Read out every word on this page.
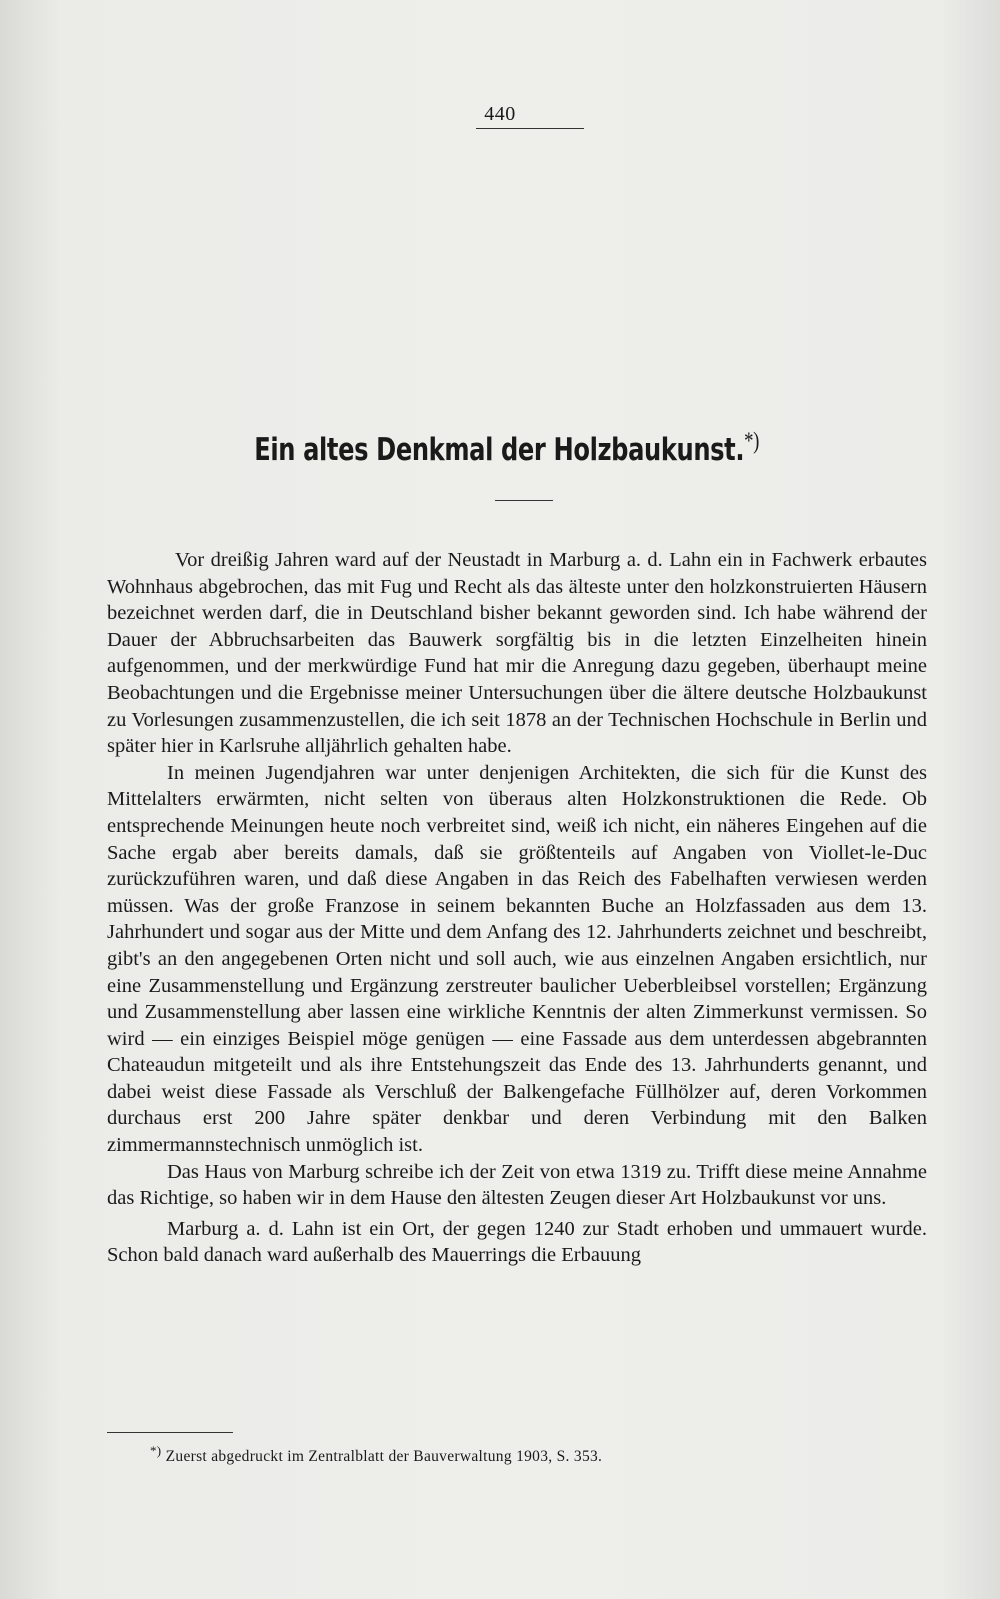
440
Ein altes Denkmal der Holzbaukunst.*)

Vor dreißig Jahren ward auf der Neustadt in Marburg a. d. Lahn ein in Fachwerk erbautes Wohnhaus abgebrochen, das mit Fug und Recht als das älteste unter den holzkonstruierten Häusern bezeichnet werden darf, die in Deutschland bisher bekannt geworden sind. Ich habe während der Dauer der Abbruchsarbeiten das Bauwerk sorgfältig bis in die letzten Einzelheiten hinein aufgenommen, und der merkwürdige Fund hat mir die Anregung dazu gegeben, überhaupt meine Beobachtungen und die Ergebnisse meiner Untersuchungen über die ältere deutsche Holzbaukunst zu Vorlesungen zusammenzustellen, die ich seit 1878 an der Technischen Hochschule in Berlin und später hier in Karlsruhe alljährlich gehalten habe.

In meinen Jugendjahren war unter denjenigen Architekten, die sich für die Kunst des Mittelalters erwärmten, nicht selten von überaus alten Holzkonstruktionen die Rede. Ob entsprechende Meinungen heute noch verbreitet sind, weiß ich nicht, ein näheres Eingehen auf die Sache ergab aber bereits damals, daß sie größtenteils auf Angaben von Viollet-le-Duc zurückzuführen waren, und daß diese Angaben in das Reich des Fabelhaften verwiesen werden müssen. Was der große Franzose in seinem bekannten Buche an Holzfassaden aus dem 13. Jahrhundert und sogar aus der Mitte und dem Anfang des 12. Jahrhunderts zeichnet und beschreibt, gibt's an den angegebenen Orten nicht und soll auch, wie aus einzelnen Angaben ersichtlich, nur eine Zusammenstellung und Ergänzung zerstreuter baulicher Ueberbleibsel vorstellen; Ergänzung und Zusammenstellung aber lassen eine wirkliche Kenntnis der alten Zimmerkunst vermissen. So wird — ein einziges Beispiel möge genügen — eine Fassade aus dem unterdessen abgebrannten Chateaudun mitgeteilt und als ihre Entstehungszeit das Ende des 13. Jahrhunderts genannt, und dabei weist diese Fassade als Verschluß der Balkengefache Füllhölzer auf, deren Vorkommen durchaus erst 200 Jahre später denkbar und deren Verbindung mit den Balken zimmermannstechnisch unmöglich ist.

Das Haus von Marburg schreibe ich der Zeit von etwa 1319 zu. Trifft diese meine Annahme das Richtige, so haben wir in dem Hause den ältesten Zeugen dieser Art Holzbaukunst vor uns.

Marburg a. d. Lahn ist ein Ort, der gegen 1240 zur Stadt erhoben und ummauert wurde. Schon bald danach ward außerhalb des Mauerrings die Erbauung

*) Zuerst abgedruckt im Zentralblatt der Bauverwaltung 1903, S. 353.
